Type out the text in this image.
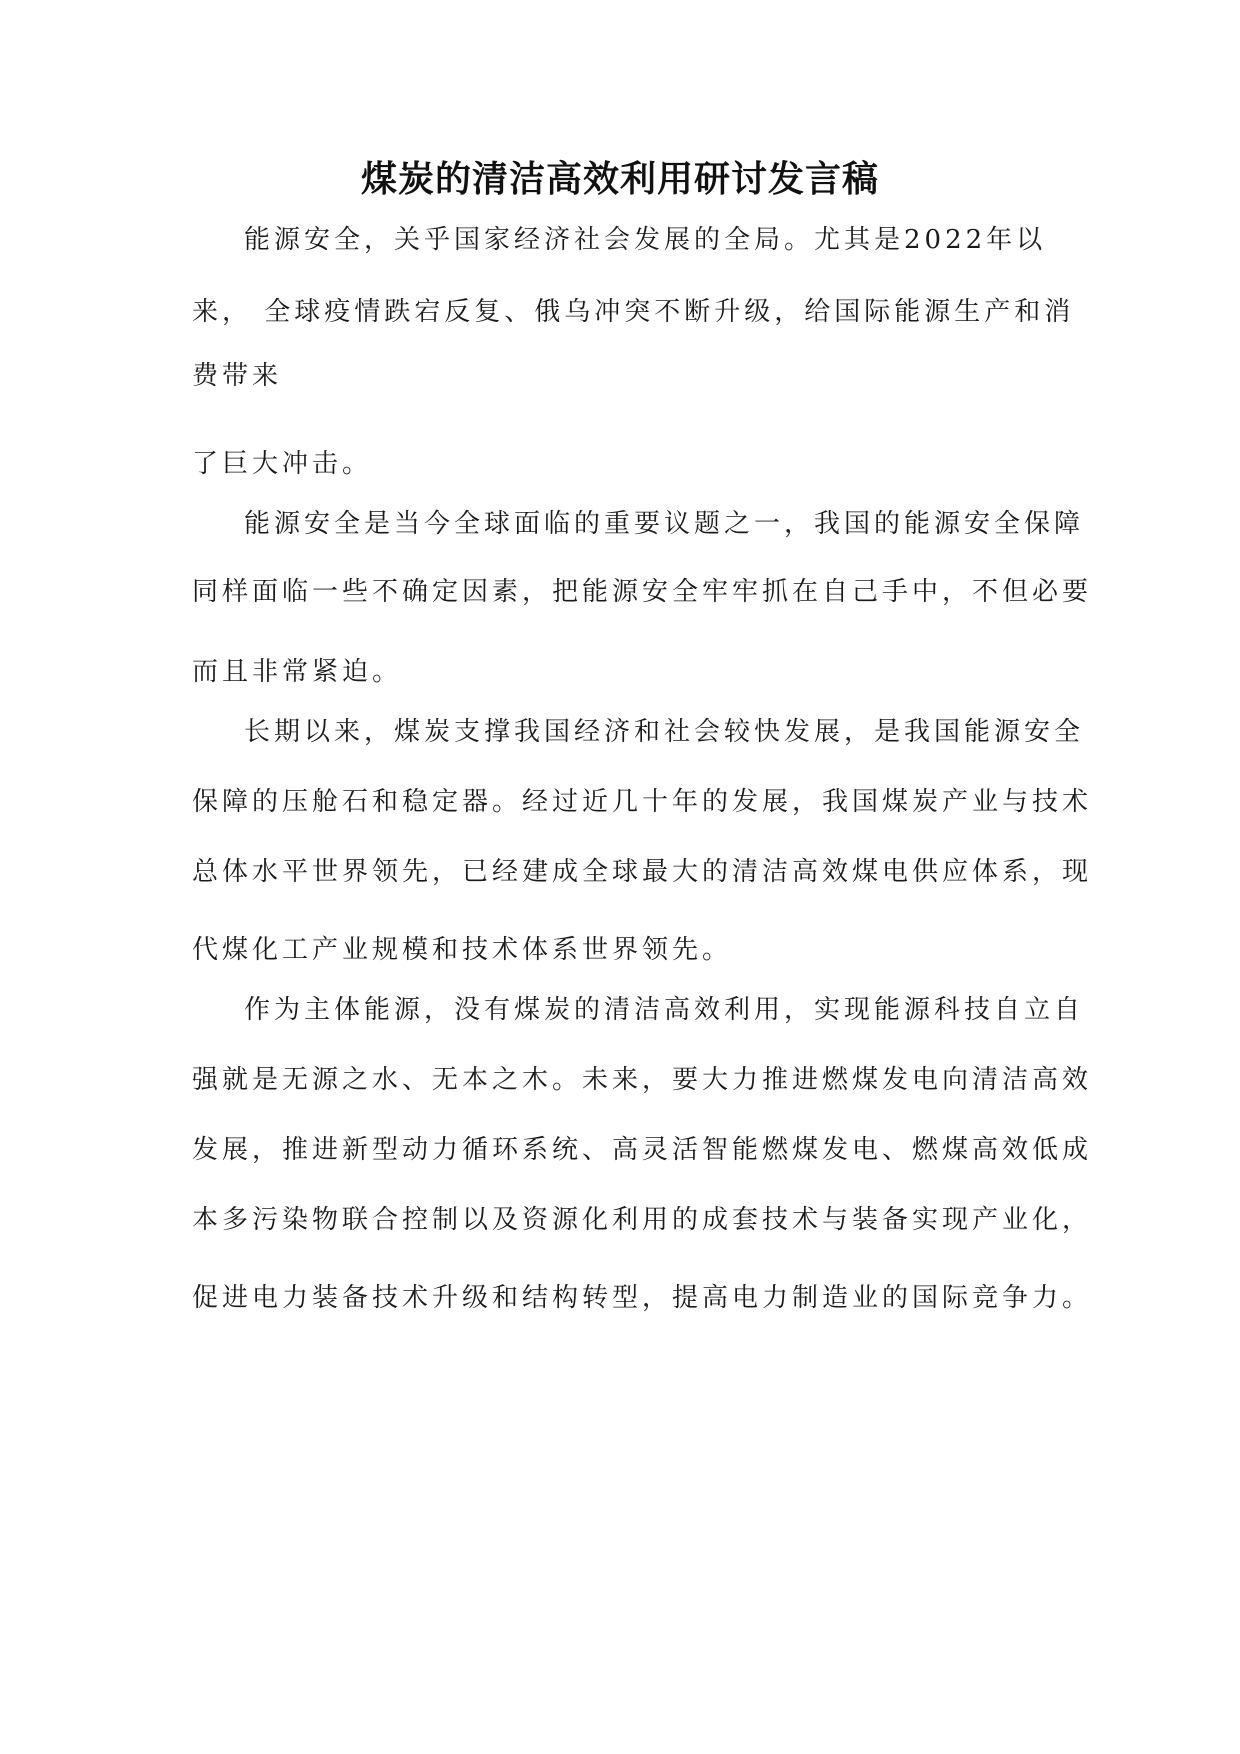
煤炭的清洁高效利用研讨发言稿
能源安全，关乎国家经济社会发展的全局。尤其是2022年以
来， 全球疫情跌宕反复、俄乌冲突不断升级，给国际能源生产和消
费带来
了巨大冲击。
能源安全是当今全球面临的重要议题之一，我国的能源安全保障
同样面临一些不确定因素，把能源安全牢牢抓在自己手中，不但必要
而且非常紧迫。
长期以来，煤炭支撑我国经济和社会较快发展，是我国能源安全
保障的压舱石和稳定器。经过近几十年的发展，我国煤炭产业与技术
总体水平世界领先，已经建成全球最大的清洁高效煤电供应体系，现
代煤化工产业规模和技术体系世界领先。
作为主体能源，没有煤炭的清洁高效利用，实现能源科技自立自
强就是无源之水、无本之木。未来，要大力推进燃煤发电向清洁高效
发展，推进新型动力循环系统、高灵活智能燃煤发电、燃煤高效低成
本多污染物联合控制以及资源化利用的成套技术与装备实现产业化，
促进电力装备技术升级和结构转型，提高电力制造业的国际竞争力。
